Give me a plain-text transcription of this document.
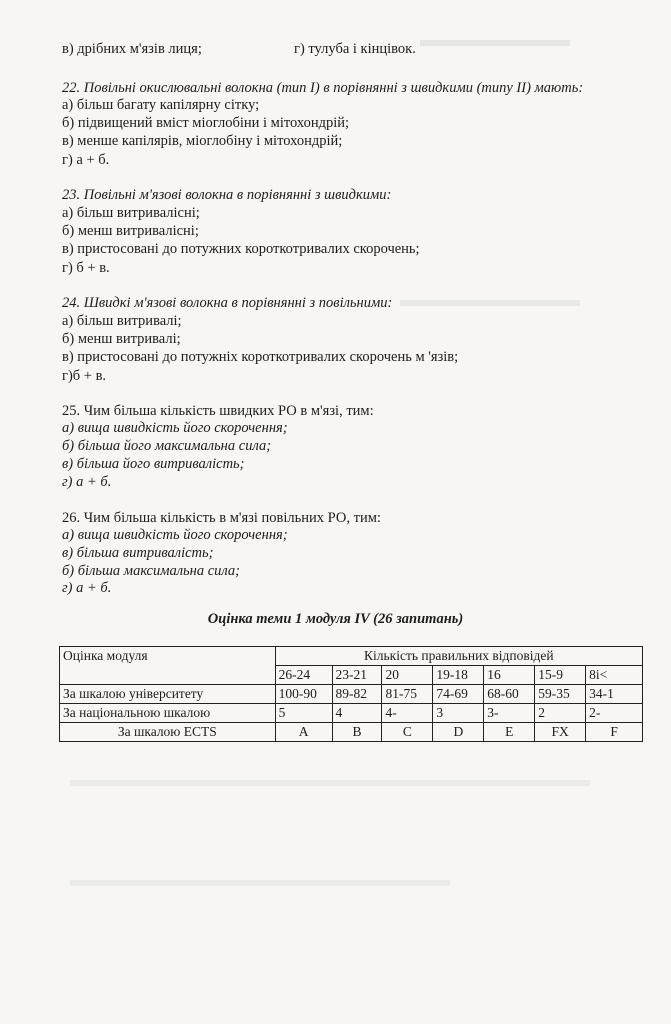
в) дрібних м'язів лиця;	г) тулуба і кінцівок.
22. Повільні окислювальні волокна (тип І) в порівнянні з швидкими (типу ІІ) мають:
а) більш багату капілярну сітку;
б) підвищений вміст міоглобіни і мітохондрій;
в) менше капілярів, міоглобіну і мітохондрій;
г) а + б.
23. Повільні м'язові волокна в порівнянні з швидкими:
а) більш витривалісні;
б) менш витривалісні;
в) пристосовані до потужних короткотривалих скорочень;
г) б + в.
24. Швидкі м'язові волокна в порівнянні з повільними:
а) більш витривалі;
б) менш витривалі;
в) пристосовані до потужніх короткотривалих скорочень м 'язів;
г)б + в.
25. Чим більша кількість швидких РО в м'язі, тим:
а) вища швидкість його скорочення;
б) більша його максимальна сила;
в) більша його витривалість;
г) а + б.
26. Чим більша кількість в м'язі повільних РО, тим:
а) вища швидкість його скорочення;
в) більша витривалість;
б) більша максимальна сила;
г) а + б.
Оцінка теми 1 модуля IV (26 запитань)
Оцінка модуля	Кількість правильних відповідей						
	26-24	23-21	20	19-18	16	15-9	8i<
За шкалою університету	100-90	89-82	81-75	74-69	68-60	59-35	34-1
За національною шкалою	5	4	4-	3	3-	2	2-
За шкалою ECTS	A	B	C	D	E	FX	F
